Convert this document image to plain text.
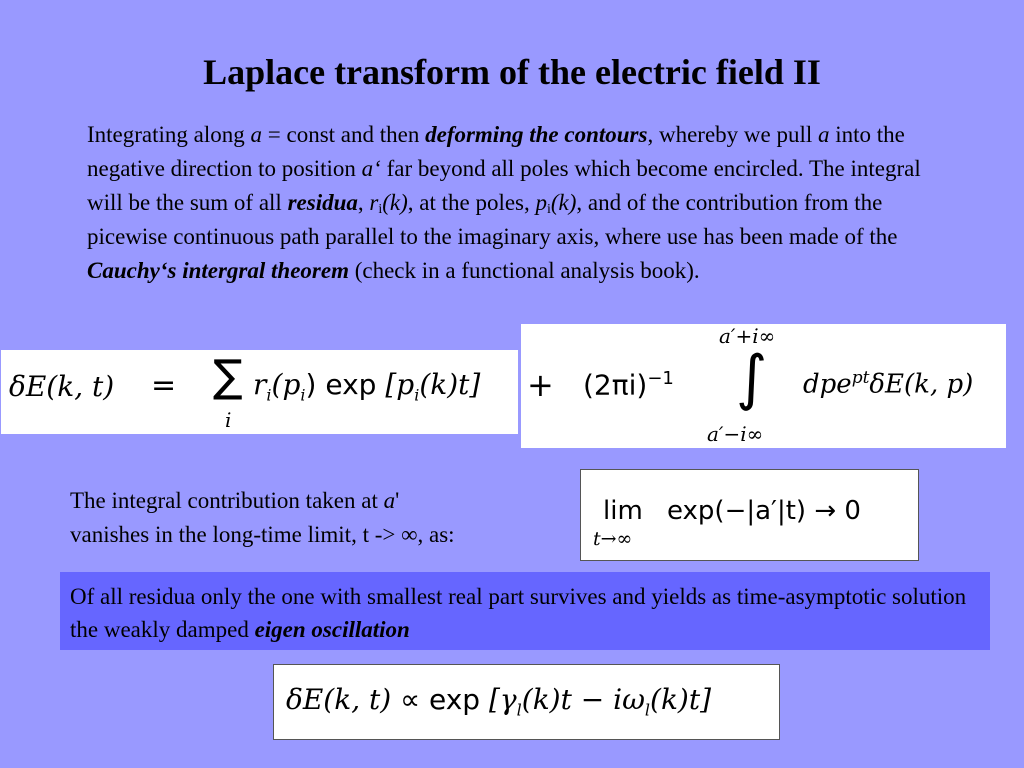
Laplace transform of the electric field II
Integrating along a = const and then deforming the contours, whereby we pull a into the negative direction to position a‘ far beyond all poles which become encircled. The integral will be the sum of all residua, $r_i(k)$, at the poles, $p_i(k)$, and of the contribution from the picewise continuous path parallel to the imaginary axis, where use has been made of the Cauchy‘s intergral theorem (check in a functional analysis book).
δE(k, t) = ∑
i
$r_i(p_i)$ $\exp [p_i(k)t] + (2\pi i)^{-1}$
a′+i∞
∫
a′−i∞
dpe$^{pt}$δE(k, p)
The integral contribution taken at a'
vanishes in the long-time limit, t -> ∞, as:
lim
t→∞
exp(−|a′|t) → 0
Of all residua only the one with smallest real part survives and yields as time-asymptotic solution the weakly damped eigen oscillation
δE(k, $t) \propto \exp [\gamma_l(k)t - i\omega_l(k)t]$
